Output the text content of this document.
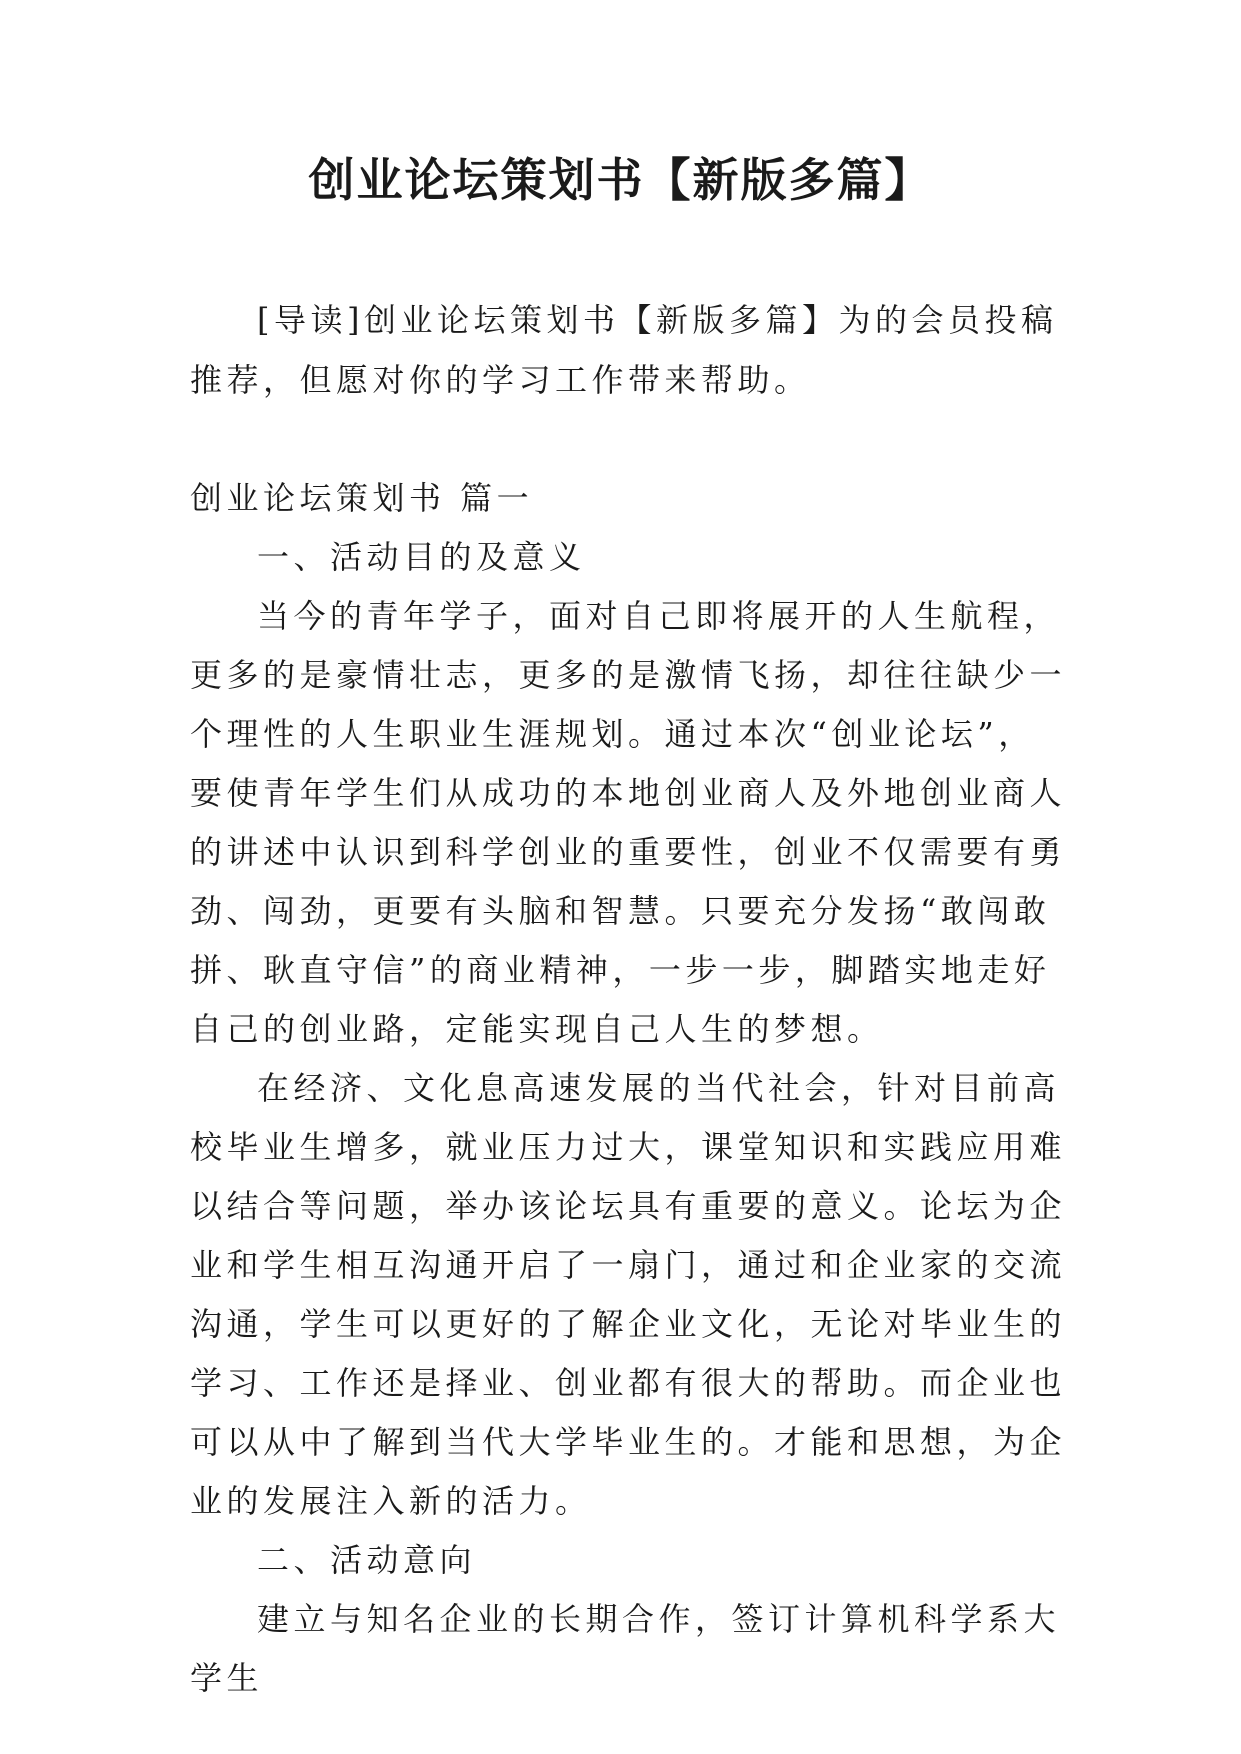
创业论坛策划书【新版多篇】

[导读]创业论坛策划书【新版多篇】为的会员投稿推荐，但愿对你的学习工作带来帮助。

创业论坛策划书 篇一

一、活动目的及意义

当今的青年学子，面对自己即将展开的人生航程，更多的是豪情壮志，更多的是激情飞扬，却往往缺少一个理性的人生职业生涯规划。通过本次“创业论坛”，要使青年学生们从成功的本地创业商人及外地创业商人的讲述中认识到科学创业的重要性，创业不仅需要有勇劲、闯劲，更要有头脑和智慧。只要充分发扬“敢闯敢拼、耿直守信”的商业精神，一步一步，脚踏实地走好自己的创业路，定能实现自己人生的梦想。

在经济、文化息高速发展的当代社会，针对目前高校毕业生增多，就业压力过大，课堂知识和实践应用难以结合等问题，举办该论坛具有重要的意义。论坛为企业和学生相互沟通开启了一扇门，通过和企业家的交流沟通，学生可以更好的了解企业文化，无论对毕业生的学习、工作还是择业、创业都有很大的帮助。而企业也可以从中了解到当代大学毕业生的。才能和思想，为企业的发展注入新的活力。

二、活动意向

建立与知名企业的长期合作，签订计算机科学系大学生
